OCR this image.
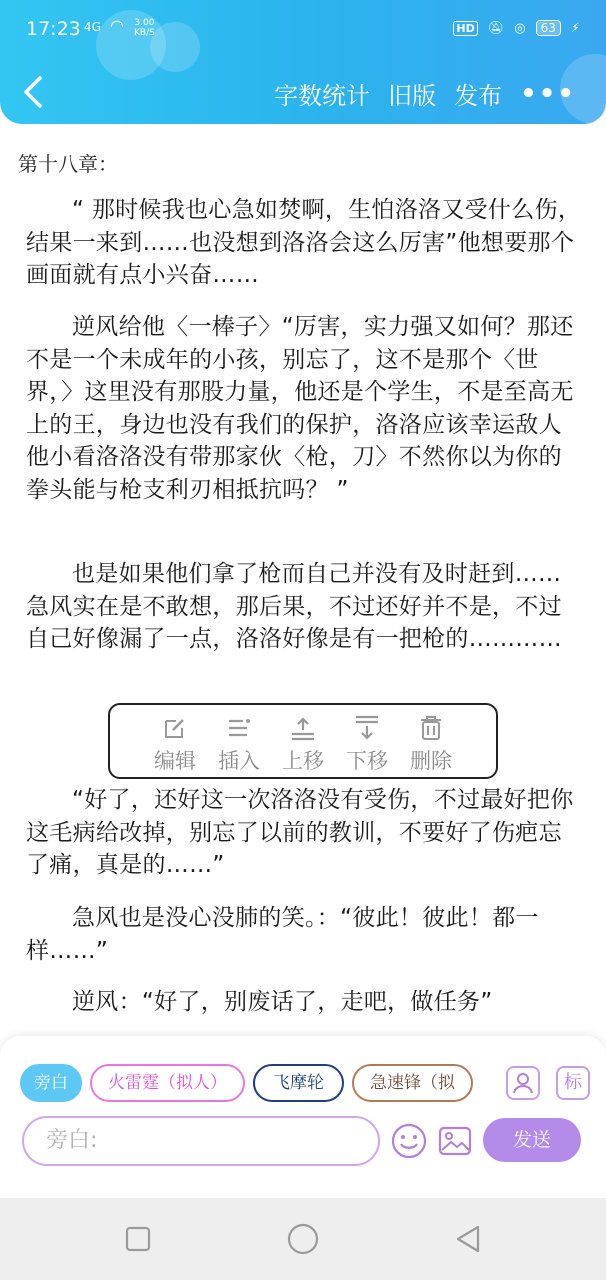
17:23 4G ◠ 3.00
KB/S	HD 🔕︎ ◎	63	⚡︎
字数统计 旧版 发布 •••
第十八章：

“ 那时候我也心急如焚啊，生怕洛洛又受什么伤，结果一来到……也没想到洛洛会这么厉害”他想要那个画面就有点小兴奋……

逆风给他〈一棒子〉“厉害，实力强又如何？那还不是一个未成年的小孩，别忘了，这不是那个〈世界，〉这里没有那股力量，他还是个学生，不是至高无上的王，身边也没有我们的保护，洛洛应该幸运敌人他小看洛洛没有带那家伙〈枪，刀〉不然你以为你的拳头能与枪支利刃相抵抗吗？ ”

也是如果他们拿了枪而自己并没有及时赶到……急风实在是不敢想，那后果，不过还好并不是，不过自己好像漏了一点，洛洛好像是有一把枪的…………

“好了，还好这一次洛洛没有受伤，不过最好把你这毛病给改掉，别忘了以前的教训，不要好了伤疤忘了痛，真是的……”

急风也是没心没肺的笑。：“彼此！彼此！都一样……”

逆风：“好了，别废话了，走吧，做任务”

编辑 插入 上移 下移 删除
旁白 火雷霆（拟人）	飞摩轮	急速锋（拟	标
旁白:	发送
